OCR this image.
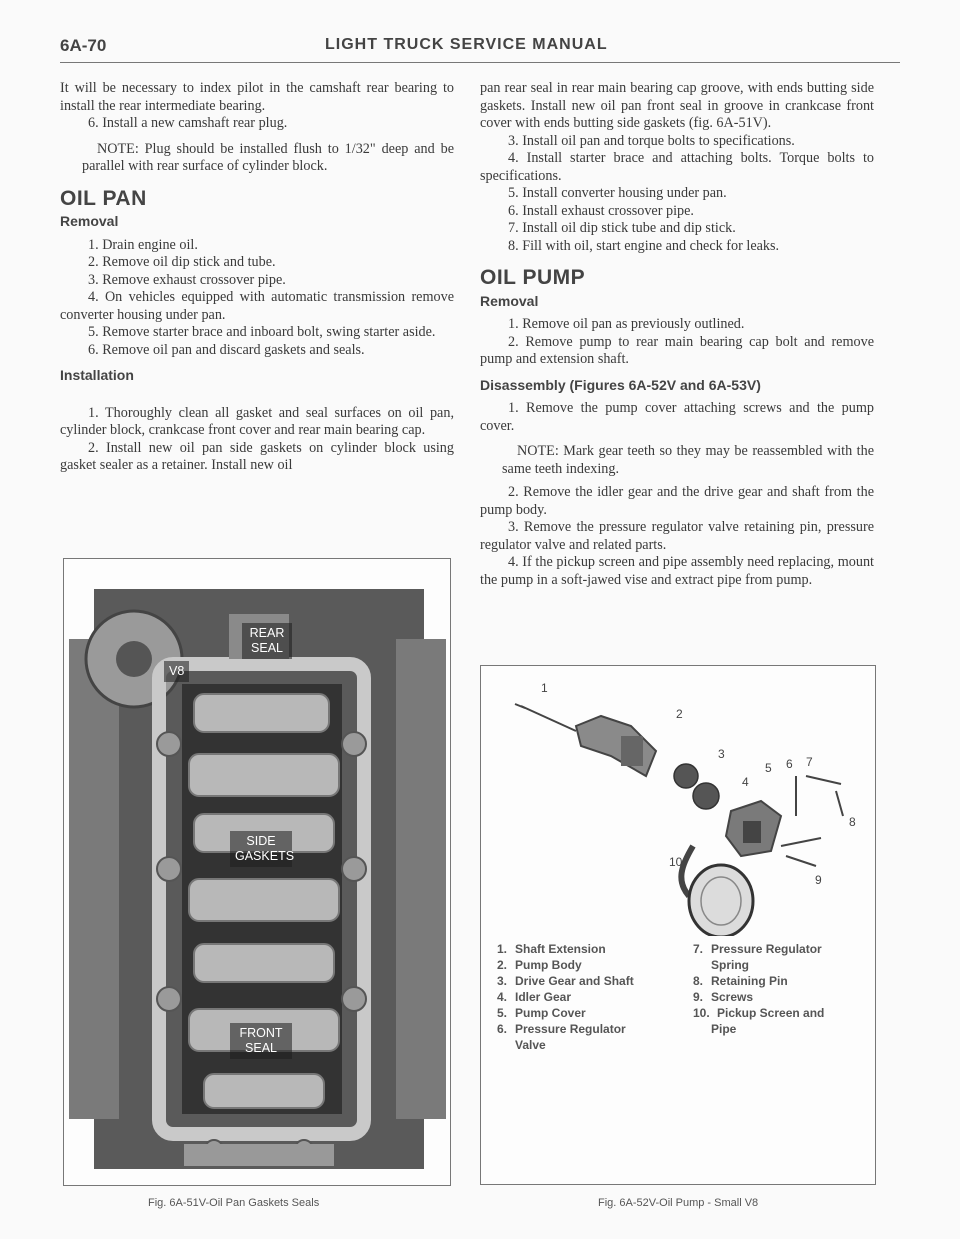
6A-70	LIGHT TRUCK SERVICE MANUAL

It will be necessary to index pilot in the camshaft rear bearing to install the rear intermediate bearing.

6. Install a new camshaft rear plug.

NOTE: Plug should be installed flush to 1/32" deep and be parallel with rear surface of cylinder block.

OIL PAN

Removal

1. Drain engine oil.

2. Remove oil dip stick and tube.

3. Remove exhaust crossover pipe.

4. On vehicles equipped with automatic transmission remove converter housing under pan.

5. Remove starter brace and inboard bolt, swing starter aside.

6. Remove oil pan and discard gaskets and seals.

Installation

1. Thoroughly clean all gasket and seal surfaces on oil pan, cylinder block, crankcase front cover and rear main bearing cap.

2. Install new oil pan side gaskets on cylinder block using gasket sealer as a retainer. Install new oil

pan rear seal in rear main bearing cap groove, with ends butting side gaskets. Install new oil pan front seal in groove in crankcase front cover with ends butting side gaskets (fig. 6A-51V).

3. Install oil pan and torque bolts to specifications.

4. Install starter brace and attaching bolts. Torque bolts to specifications.

5. Install converter housing under pan.

6. Install exhaust crossover pipe.

7. Install oil dip stick tube and dip stick.

8. Fill with oil, start engine and check for leaks.

OIL PUMP

Removal

1. Remove oil pan as previously outlined.

2. Remove pump to rear main bearing cap bolt and remove pump and extension shaft.

Disassembly (Figures 6A-52V and 6A-53V)

1. Remove the pump cover attaching screws and the pump cover.

NOTE: Mark gear teeth so they may be reassembled with the same teeth indexing.

2. Remove the idler gear and the drive gear and shaft from the pump body.

3. Remove the pressure regulator valve retaining pin, pressure regulator valve and related parts.

4. If the pickup screen and pipe assembly need replacing, mount the pump in a soft-jawed vise and extract pipe from pump.

V8
REAR SEAL
SIDE GASKETS
FRONT SEAL
Fig. 6A-51V-Oil Pan Gaskets Seals
1
2
3
4
5 6 7
8
9
10
1. Shaft Extension
2. Pump Body
3. Drive Gear and Shaft
4. Idler Gear
5. Pump Cover
6. Pressure Regulator
Valve
7. Pressure Regulator
Spring
8. Retaining Pin
9. Screws
10. Pickup Screen and
Pipe
Fig. 6A-52V-Oil Pump - Small V8
